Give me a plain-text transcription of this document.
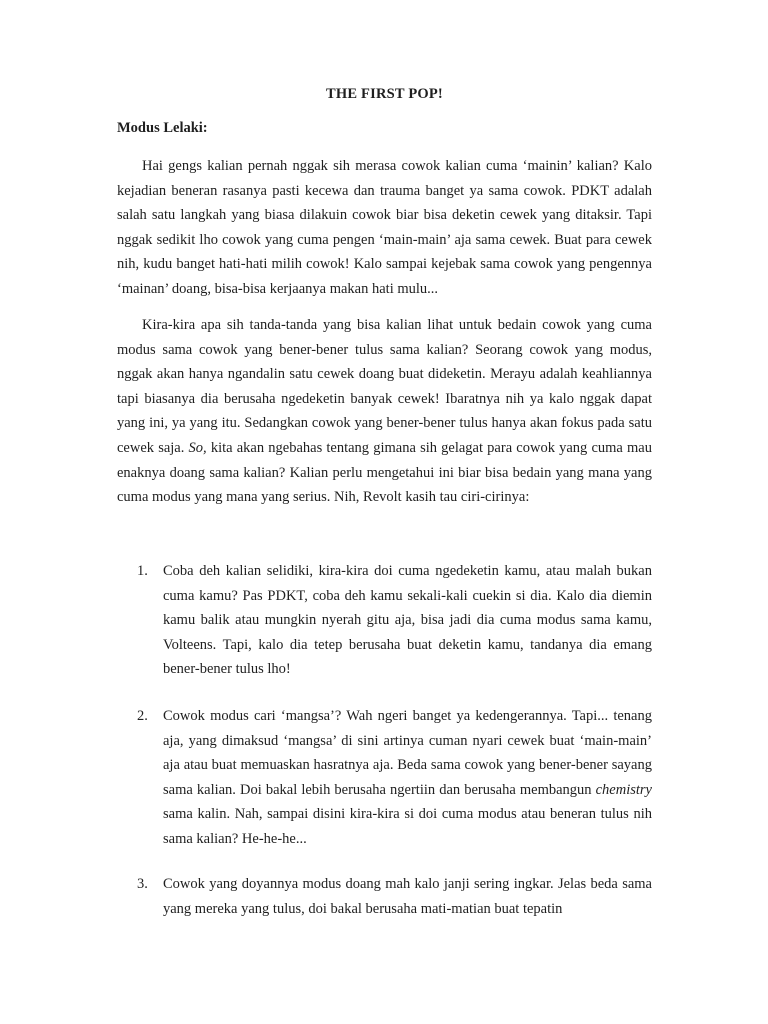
THE FIRST POP!
Modus Lelaki:

Hai gengs kalian pernah nggak sih merasa cowok kalian cuma ‘mainin’ kalian? Kalo kejadian beneran rasanya pasti kecewa dan trauma banget ya sama cowok. PDKT adalah salah satu langkah yang biasa dilakuin cowok biar bisa deketin cewek yang ditaksir. Tapi nggak sedikit lho cowok yang cuma pengen ‘main-main’ aja sama cewek. Buat para cewek nih, kudu banget hati-hati milih cowok! Kalo sampai kejebak sama cowok yang pengennya ‘mainan’ doang, bisa-bisa kerjaanya makan hati mulu...

Kira-kira apa sih tanda-tanda yang bisa kalian lihat untuk bedain cowok yang cuma modus sama cowok yang bener-bener tulus sama kalian? Seorang cowok yang modus, nggak akan hanya ngandalin satu cewek doang buat dideketin. Merayu adalah keahliannya tapi biasanya dia berusaha ngedeketin banyak cewek! Ibaratnya nih ya kalo nggak dapat yang ini, ya yang itu. Sedangkan cowok yang bener-bener tulus hanya akan fokus pada satu cewek saja. So, kita akan ngebahas tentang gimana sih gelagat para cowok yang cuma mau enaknya doang sama kalian? Kalian perlu mengetahui ini biar bisa bedain yang mana yang cuma modus yang mana yang serius. Nih, Revolt kasih tau ciri-cirinya:

1. Coba deh kalian selidiki, kira-kira doi cuma ngedeketin kamu, atau malah bukan cuma kamu? Pas PDKT, coba deh kamu sekali-kali cuekin si dia. Kalo dia diemin kamu balik atau mungkin nyerah gitu aja, bisa jadi dia cuma modus sama kamu, Volteens. Tapi, kalo dia tetep berusaha buat deketin kamu, tandanya dia emang bener-bener tulus lho!

2. Cowok modus cari ‘mangsa’? Wah ngeri banget ya kedengerannya. Tapi... tenang aja, yang dimaksud ‘mangsa’ di sini artinya cuman nyari cewek buat ‘main-main’ aja atau buat memuaskan hasratnya aja. Beda sama cowok yang bener-bener sayang sama kalian. Doi bakal lebih berusaha ngertiin dan berusaha membangun chemistry sama kalin. Nah, sampai disini kira-kira si doi cuma modus atau beneran tulus nih sama kalian? He-he-he...

3. Cowok yang doyannya modus doang mah kalo janji sering ingkar. Jelas beda sama yang mereka yang tulus, doi bakal berusaha mati-matian buat tepatin
